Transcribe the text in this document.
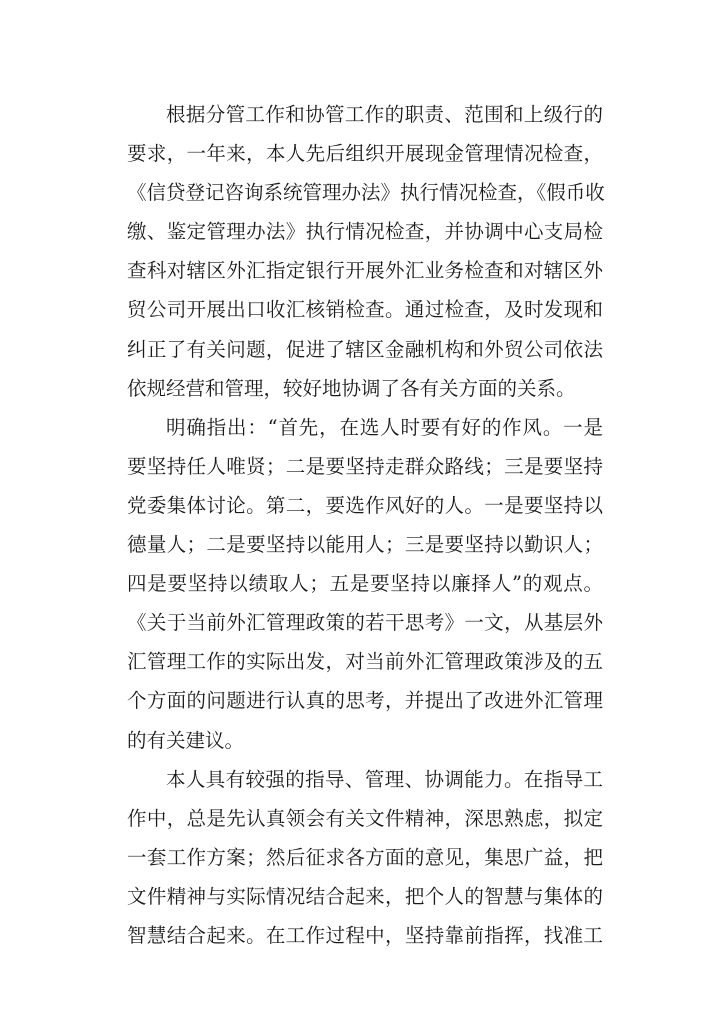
根据分管工作和协管工作的职责、范围和上级行的
要求，一年来，本人先后组织开展现金管理情况检查，
《信贷登记咨询系统管理办法》执行情况检查，《假币收
缴、鉴定管理办法》执行情况检查，并协调中心支局检
查科对辖区外汇指定银行开展外汇业务检查和对辖区外
贸公司开展出口收汇核销检查。通过检查，及时发现和
纠正了有关问题，促进了辖区金融机构和外贸公司依法
依规经营和管理，较好地协调了各有关方面的关系。
明确指出：“首先，在选人时要有好的作风。一是
要坚持任人唯贤；二是要坚持走群众路线；三是要坚持
党委集体讨论。第二，要选作风好的人。一是要坚持以
德量人；二是要坚持以能用人；三是要坚持以勤识人；
四是要坚持以绩取人；五是要坚持以廉择人”的观点。
《关于当前外汇管理政策的若干思考》一文，从基层外
汇管理工作的实际出发，对当前外汇管理政策涉及的五
个方面的问题进行认真的思考，并提出了改进外汇管理
的有关建议。
本人具有较强的指导、管理、协调能力。在指导工
作中，总是先认真领会有关文件精神，深思熟虑，拟定
一套工作方案；然后征求各方面的意见，集思广益，把
文件精神与实际情况结合起来，把个人的智慧与集体的
智慧结合起来。在工作过程中，坚持靠前指挥，找准工
